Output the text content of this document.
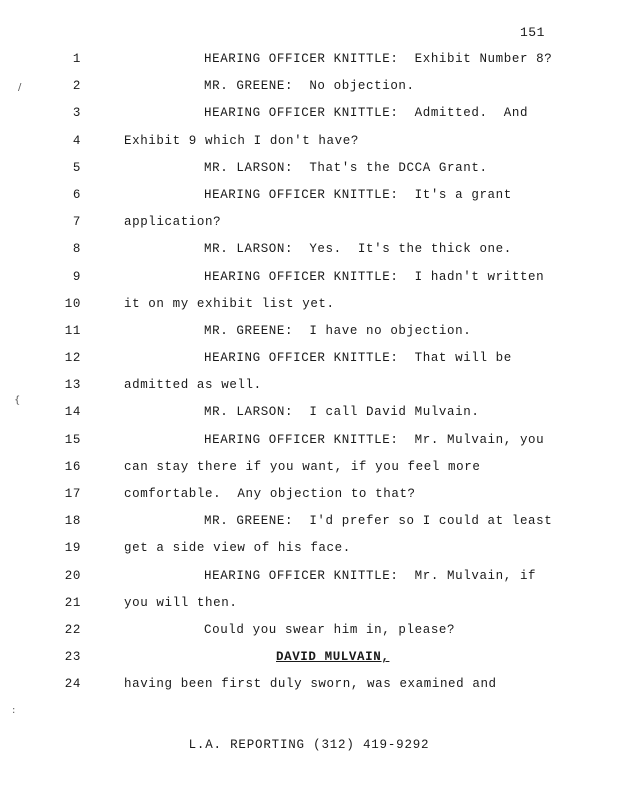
151

1

	HEARING OFFICER KNITTLE:  Exhibit Number 8?

2

	MR. GREENE:  No objection.

3

	HEARING OFFICER KNITTLE:  Admitted.  And

4

	Exhibit 9 which I don't have?

5

	MR. LARSON:  That's the DCCA Grant.

6

	HEARING OFFICER KNITTLE:  It's a grant

7

	application?

8

	MR. LARSON:  Yes.  It's the thick one.

9

	HEARING OFFICER KNITTLE:  I hadn't written

10

	it on my exhibit list yet.

11

	MR. GREENE:  I have no objection.

12

	HEARING OFFICER KNITTLE:  That will be

13

	admitted as well.

14

	MR. LARSON:  I call David Mulvain.

15

	HEARING OFFICER KNITTLE:  Mr. Mulvain, you

16

	can stay there if you want, if you feel more

17

	comfortable.  Any objection to that?

18

	MR. GREENE:  I'd prefer so I could at least

19

	get a side view of his face.

20

	HEARING OFFICER KNITTLE:  Mr. Mulvain, if

21

	you will then.

22

	Could you swear him in, please?

23

	DAVID MULVAIN,

24

	having been first duly sworn, was examined and

/
{
:
L.A. REPORTING (312) 419-9292
